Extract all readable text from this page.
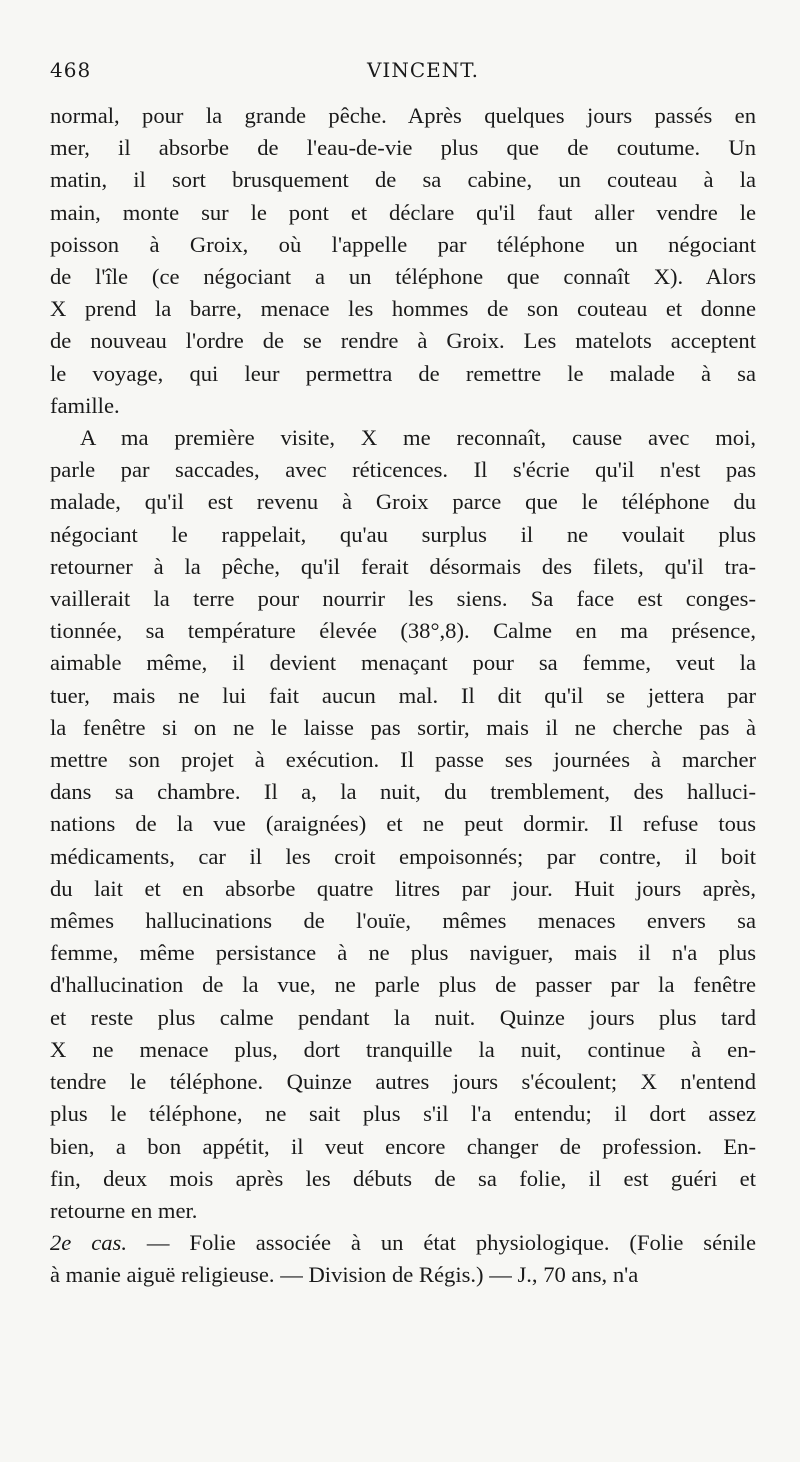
468	VINCENT.

normal, pour la grande pêche. Après quelques jours passés en
mer, il absorbe de l'eau-de-vie plus que de coutume. Un
matin, il sort brusquement de sa cabine, un couteau à la
main, monte sur le pont et déclare qu'il faut aller vendre le
poisson à Groix, où l'appelle par téléphone un négociant
de l'île (ce négociant a un téléphone que connaît X). Alors
X prend la barre, menace les hommes de son couteau et donne
de nouveau l'ordre de se rendre à Groix. Les matelots acceptent
le voyage, qui leur permettra de remettre le malade à sa
famille.

A ma première visite, X me reconnaît, cause avec moi,
parle par saccades, avec réticences. Il s'écrie qu'il n'est pas
malade, qu'il est revenu à Groix parce que le téléphone du
négociant le rappelait, qu'au surplus il ne voulait plus
retourner à la pêche, qu'il ferait désormais des filets, qu'il tra-
vaillerait la terre pour nourrir les siens. Sa face est conges-
tionnée, sa température élevée (38°,8). Calme en ma présence,
aimable même, il devient menaçant pour sa femme, veut la
tuer, mais ne lui fait aucun mal. Il dit qu'il se jettera par
la fenêtre si on ne le laisse pas sortir, mais il ne cherche pas à
mettre son projet à exécution. Il passe ses journées à marcher
dans sa chambre. Il a, la nuit, du tremblement, des halluci-
nations de la vue (araignées) et ne peut dormir. Il refuse tous
médicaments, car il les croit empoisonnés; par contre, il boit
du lait et en absorbe quatre litres par jour. Huit jours après,
mêmes hallucinations de l'ouïe, mêmes menaces envers sa
femme, même persistance à ne plus naviguer, mais il n'a plus
d'hallucination de la vue, ne parle plus de passer par la fenêtre
et reste plus calme pendant la nuit. Quinze jours plus tard
X ne menace plus, dort tranquille la nuit, continue à en-
tendre le téléphone. Quinze autres jours s'écoulent; X n'entend
plus le téléphone, ne sait plus s'il l'a entendu; il dort assez
bien, a bon appétit, il veut encore changer de profession. En-
fin, deux mois après les débuts de sa folie, il est guéri et
retourne en mer.

2e cas. — Folie associée à un état physiologique. (Folie sénile
à manie aiguë religieuse. — Division de Régis.) — J., 70 ans, n'a
